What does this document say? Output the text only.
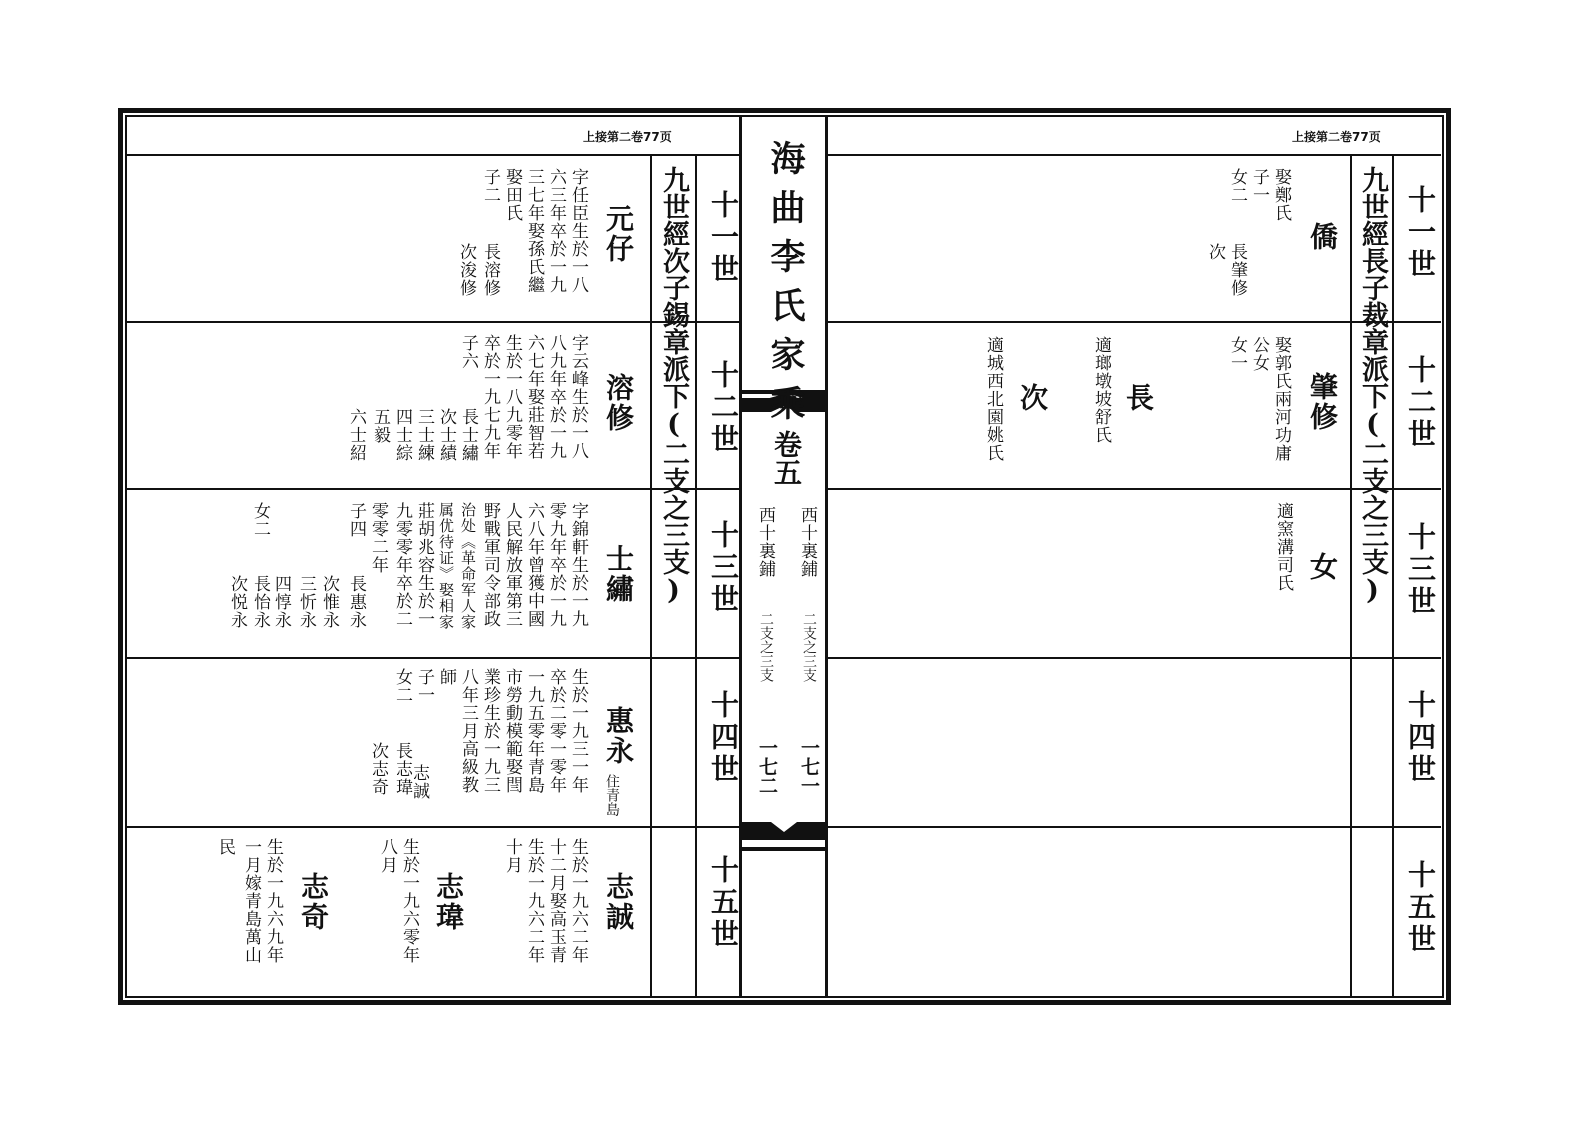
海曲李氏家乘
卷五
西十裏鋪
二支之三支
一七一
西十裏鋪
二支之三支
一七二
上接第二卷77页	上接第二卷77页
九世經次子錫章派下(二支之三支)	九世經長子裁章派下(二支之三支)
十一世
十二世
十三世
十四世
十五世
十一世
十二世
十三世
十四世
十五世
元仔
字任臣生於一八
六三年卒於一九
三七年娶孫氏繼
娶田氏
子二
長溶修
次浚修
溶修
字云峰生於一八
八九年卒於一九
六七年娶莊智若
生於一八九零年
卒於一九七九年
子六
長士繡
次士績
三士練
四士綜
五毅
六士紹
士繡
字錦軒生於一九
零九年卒於一九
六八年曾獲中國
人民解放軍第三
野戰軍司令部政
治处《革命军人家
属优待证》娶相家
莊胡兆容生於一
九零零年卒於二
零零二年
子四
長惠永
次惟永
三忻永
四惇永
女二
長怡永
次悦永
惠永
住青島
生於一九三一年
卒於二零一零年
一九五零年青島
市勞動模範娶閆
業珍生於一九三
八年三月高級教
師
子一
女二
長志瑋
次志奇 志誠
志誠
生於一九六二年
十二月娶高玉青
生於一九六二年
十月
志瑋
生於一九六零年
八月
志奇
生於一九六九年
一月嫁青島萬山
民
僑
娶鄭氏
子一
女二
長肇修
次
肇修
娶郭氏兩河功庸
公女
女一
長
適瑯墩坡舒氏
次
適城西北園姚氏
女
適窯溝司氏
